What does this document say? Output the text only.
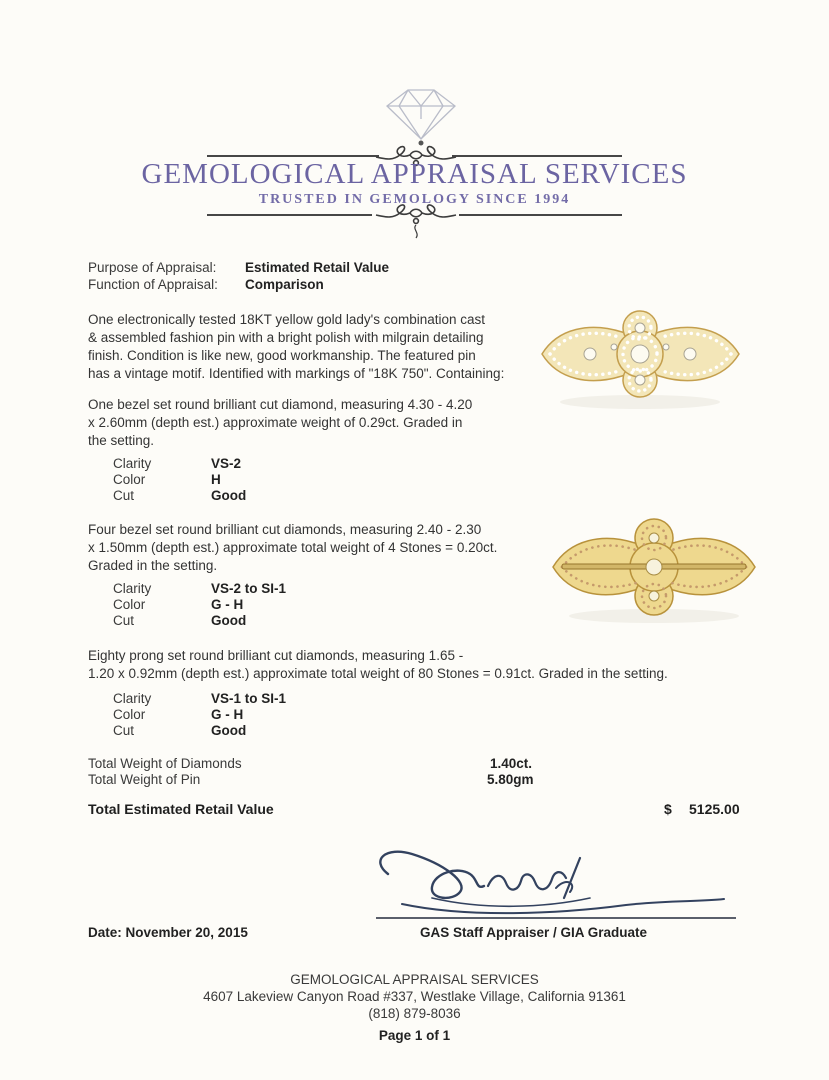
GEMOLOGICAL APPRAISAL SERVICES
TRUSTED IN GEMOLOGY SINCE 1994
Purpose of Appraisal: Estimated Retail Value
Function of Appraisal: Comparison
One electronically tested 18KT yellow gold lady's combination cast
& assembled fashion pin with a bright polish with milgrain detailing
finish. Condition is like new, good workmanship. The featured pin
has a vintage motif. Identified with markings of "18K 750". Containing:
One bezel set round brilliant cut diamond, measuring 4.30 - 4.20
x 2.60mm (depth est.) approximate weight of 0.29ct. Graded in
the setting.
Clarity	VS-2
Color	H
Cut	Good
Four bezel set round brilliant cut diamonds, measuring 2.40 - 2.30
x 1.50mm (depth est.) approximate total weight of 4 Stones = 0.20ct.
Graded in the setting.
Clarity	VS-2 to SI-1
Color	G - H
Cut	Good
Eighty prong set round brilliant cut diamonds, measuring 1.65 -
1.20 x 0.92mm (depth est.) approximate total weight of 80 Stones = 0.91ct. Graded in the setting.
Clarity	VS-1 to SI-1
Color	G - H
Cut	Good
Total Weight of Diamonds	1.40ct.
Total Weight of Pin	5.80gm
Total Estimated Retail Value	$ 5125.00
Date: November 20, 2015	GAS Staff Appraiser / GIA Graduate
GEMOLOGICAL APPRAISAL SERVICES
4607 Lakeview Canyon Road #337, Westlake Village, California 91361
(818) 879-8036
Page 1 of 1
